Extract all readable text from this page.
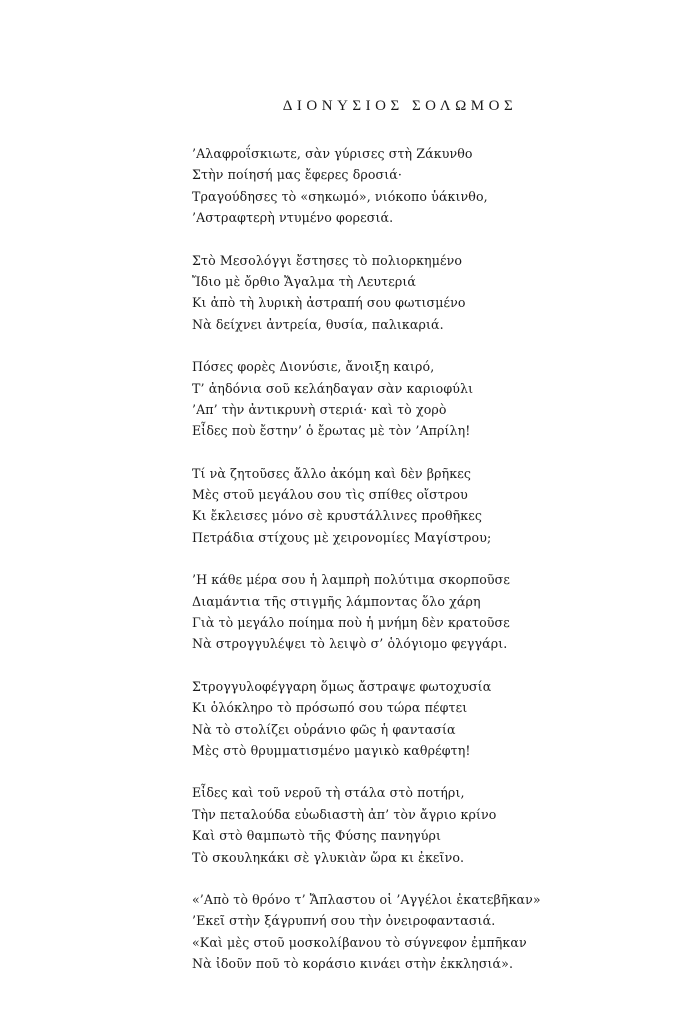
ΔΙΟΝΥΣΙΟΣ ΣΟΛΩΜΟΣ
’Αλαφροΐσκιωτε, σὰν γύρισες στὴ Ζάκυνθο
Στὴν ποίησή μας ἔφερες δροσιά·
Τραγούδησες τὸ «σηκωμό», νιόκοπο ὑάκινθο,
’Αστραφτερὴ ντυμένο φορεσιά.
Στὸ Μεσολόγγι ἔστησες τὸ πολιορκημένο
Ἴδιο μὲ ὄρθιο Ἄγαλμα τὴ Λευτεριά
Κι ἀπὸ τὴ λυρικὴ ἀστραπή σου φωτισμένο
Νὰ δείχνει ἀντρεία, θυσία, παλικαριά.
Πόσες φορὲς Διονύσιε, ἄνοιξη καιρό,
Τ’ ἀηδόνια σοῦ κελάηδαγαν σὰν καριοφύλι
’Απ’ τὴν ἀντικρυνὴ στεριά· καὶ τὸ χορὸ
Εἶδες ποὺ ἔστην’ ὁ ἔρωτας μὲ τὸν ’Απρίλη!
Τί νὰ ζητοῦσες ἄλλο ἀκόμη καὶ δὲν βρῆκες
Μὲς στοῦ μεγάλου σου τὶς σπίθες οἴστρου
Κι ἔκλεισες μόνο σὲ κρυστάλλινες προθῆκες
Πετράδια στίχους μὲ χειρονομίες Μαγίστρου;
’Η κάθε μέρα σου ἡ λαμπρὴ πολύτιμα σκορποῦσε
Διαμάντια τῆς στιγμῆς λάμποντας ὅλο χάρη
Γιὰ τὸ μεγάλο ποίημα ποὺ ἡ μνήμη δὲν κρατοῦσε
Νὰ στρογγυλέψει τὸ λειψὸ σ’ ὁλόγιομο φεγγάρι.
Στρογγυλοφέγγαρη ὅμως ἄστραψε φωτοχυσία
Κι ὁλόκληρο τὸ πρόσωπό σου τώρα πέφτει
Νὰ τὸ στολίζει οὐράνιο φῶς ἡ φαντασία
Μὲς στὸ θρυμματισμένο μαγικὸ καθρέφτη!
Εἶδες καὶ τοῦ νεροῦ τὴ στάλα στὸ ποτήρι,
Τὴν πεταλούδα εὐωδιαστὴ ἀπ’ τὸν ἄγριο κρίνο
Καὶ στὸ θαμπωτὸ τῆς Φύσης πανηγύρι
Τὸ σκουληκάκι σὲ γλυκιὰν ὥρα κι ἐκεῖνο.
«’Απὸ τὸ θρόνο τ’ Ἄπλαστου οἱ ’Αγγέλοι ἐκατεβῆκαν»
’Εκεῖ στὴν ξάγρυπνή σου τὴν ὀνειροφαντασιά.
«Καὶ μὲς στοῦ μοσκολίβανου τὸ σύγνεφον ἐμπῆκαν
Νὰ ἰδοῦν ποῦ τὸ κοράσιο κινάει στὴν ἐκκλησιά».
